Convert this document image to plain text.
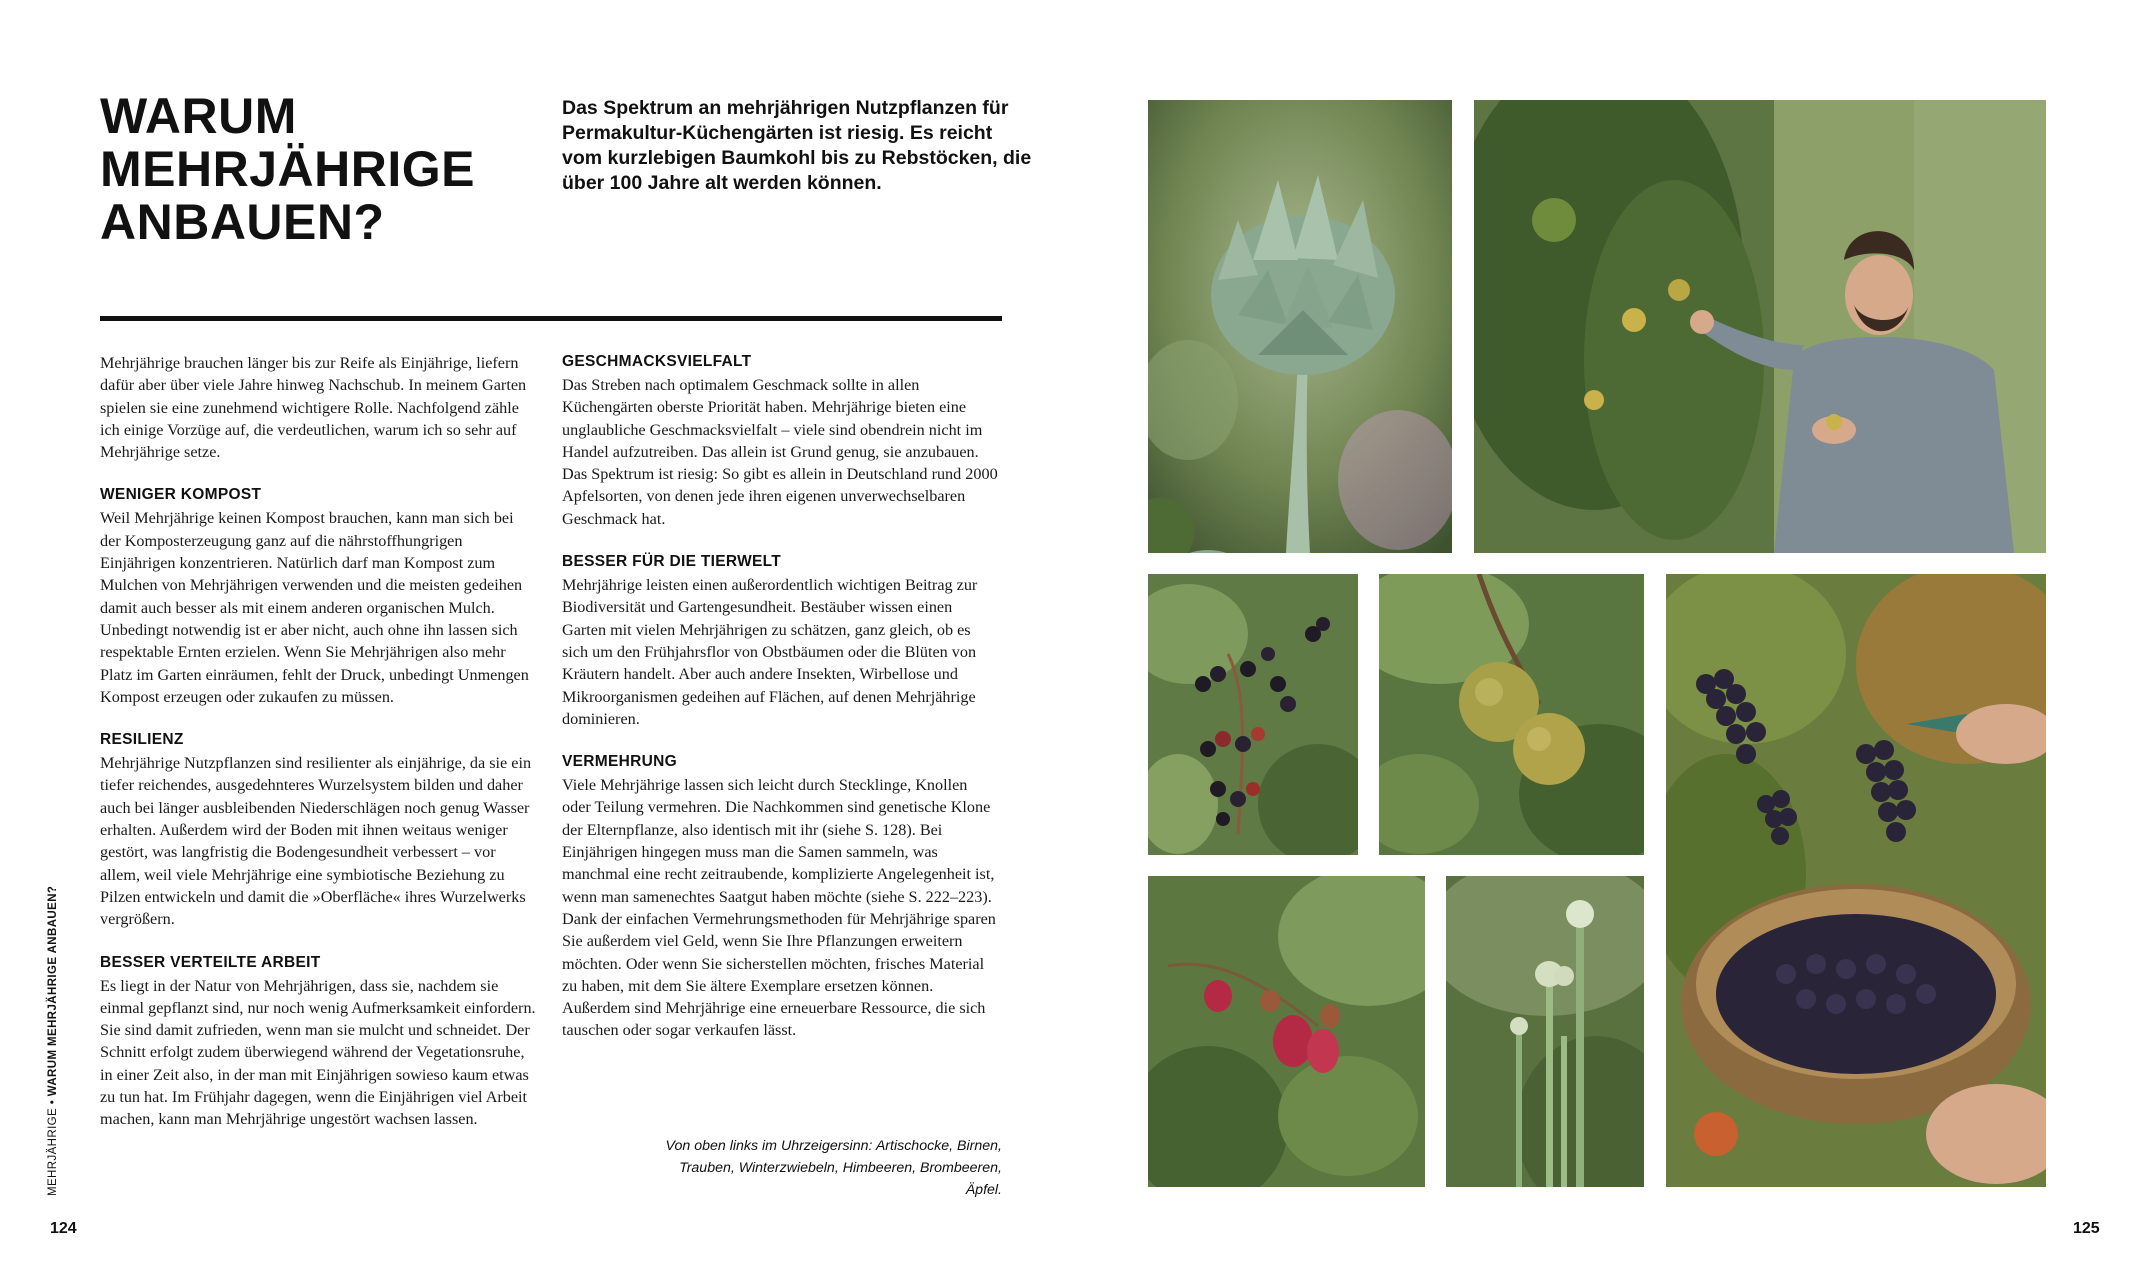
WARUM
MEHRJÄHRIGE
ANBAUEN?

Das Spektrum an mehrjährigen Nutzpflanzen für Permakultur-Küchengärten ist riesig. Es reicht vom kurzlebigen Baumkohl bis zu Rebstöcken, die über 100 Jahre alt werden können.

Mehrjährige brauchen länger bis zur Reife als Einjährige, liefern dafür aber über viele Jahre hinweg Nachschub. In meinem Garten spielen sie eine zunehmend wichtigere Rolle. Nachfolgend zähle ich einige Vorzüge auf, die verdeutlichen, warum ich so sehr auf Mehrjährige setze.

WENIGER KOMPOST

Weil Mehrjährige keinen Kompost brauchen, kann man sich bei der Komposterzeugung ganz auf die nährstoffhungrigen Einjährigen konzentrieren. Natürlich darf man Kompost zum Mulchen von Mehrjährigen verwenden und die meisten gedeihen damit auch besser als mit einem anderen organischen Mulch. Unbedingt notwendig ist er aber nicht, auch ohne ihn lassen sich respektable Ernten erzielen. Wenn Sie Mehrjährigen also mehr Platz im Garten einräumen, fehlt der Druck, unbedingt Unmengen Kompost erzeugen oder zukaufen zu müssen.

RESILIENZ

Mehrjährige Nutzpflanzen sind resilienter als einjährige, da sie ein tiefer reichendes, ausgedehnteres Wurzelsystem bilden und daher auch bei länger ausbleibenden Niederschlägen noch genug Wasser erhalten. Außerdem wird der Boden mit ihnen weitaus weniger gestört, was langfristig die Bodengesundheit verbessert – vor allem, weil viele Mehrjährige eine symbiotische Beziehung zu Pilzen entwickeln und damit die »Oberfläche« ihres Wurzelwerks vergrößern.

BESSER VERTEILTE ARBEIT

Es liegt in der Natur von Mehrjährigen, dass sie, nachdem sie einmal gepflanzt sind, nur noch wenig Aufmerksamkeit einfordern. Sie sind damit zufrieden, wenn man sie mulcht und schneidet. Der Schnitt erfolgt zudem überwiegend während der Vegetationsruhe, in einer Zeit also, in der man mit Einjährigen sowieso kaum etwas zu tun hat. Im Frühjahr dagegen, wenn die Einjährigen viel Arbeit machen, kann man Mehrjährige ungestört wachsen lassen.

GESCHMACKSVIELFALT

Das Streben nach optimalem Geschmack sollte in allen Küchengärten oberste Priorität haben. Mehrjährige bieten eine unglaubliche Geschmacksvielfalt – viele sind obendrein nicht im Handel aufzutreiben. Das allein ist Grund genug, sie anzubauen. Das Spektrum ist riesig: So gibt es allein in Deutschland rund 2000 Apfelsorten, von denen jede ihren eigenen unverwechselbaren Geschmack hat.

BESSER FÜR DIE TIERWELT

Mehrjährige leisten einen außerordentlich wichtigen Beitrag zur Biodiversität und Gartengesundheit. Bestäuber wissen einen Garten mit vielen Mehrjährigen zu schätzen, ganz gleich, ob es sich um den Frühjahrsflor von Obstbäumen oder die Blüten von Kräutern handelt. Aber auch andere Insekten, Wirbellose und Mikroorganismen gedeihen auf Flächen, auf denen Mehrjährige dominieren.

VERMEHRUNG

Viele Mehrjährige lassen sich leicht durch Stecklinge, Knollen oder Teilung vermehren. Die Nachkommen sind genetische Klone der Elternpflanze, also identisch mit ihr (siehe S. 128). Bei Einjährigen hingegen muss man die Samen sammeln, was manchmal eine recht zeitraubende, komplizierte Angelegenheit ist, wenn man samenechtes Saatgut haben möchte (siehe S. 222–223). Dank der einfachen Vermehrungsmethoden für Mehrjährige sparen Sie außerdem viel Geld, wenn Sie Ihre Pflanzungen erweitern möchten. Oder wenn Sie sicherstellen möchten, frisches Material zu haben, mit dem Sie ältere Exemplare ersetzen können. Außerdem sind Mehrjährige eine erneuerbare Ressource, die sich tauschen oder sogar verkaufen lässt.

Von oben links im Uhrzeigersinn: Artischocke, Birnen, Trauben, Winterzwiebeln, Himbeeren, Brombeeren, Äpfel.

MEHRJÄHRIGE • WARUM MEHRJÄHRIGE ANBAUEN?
124	125
